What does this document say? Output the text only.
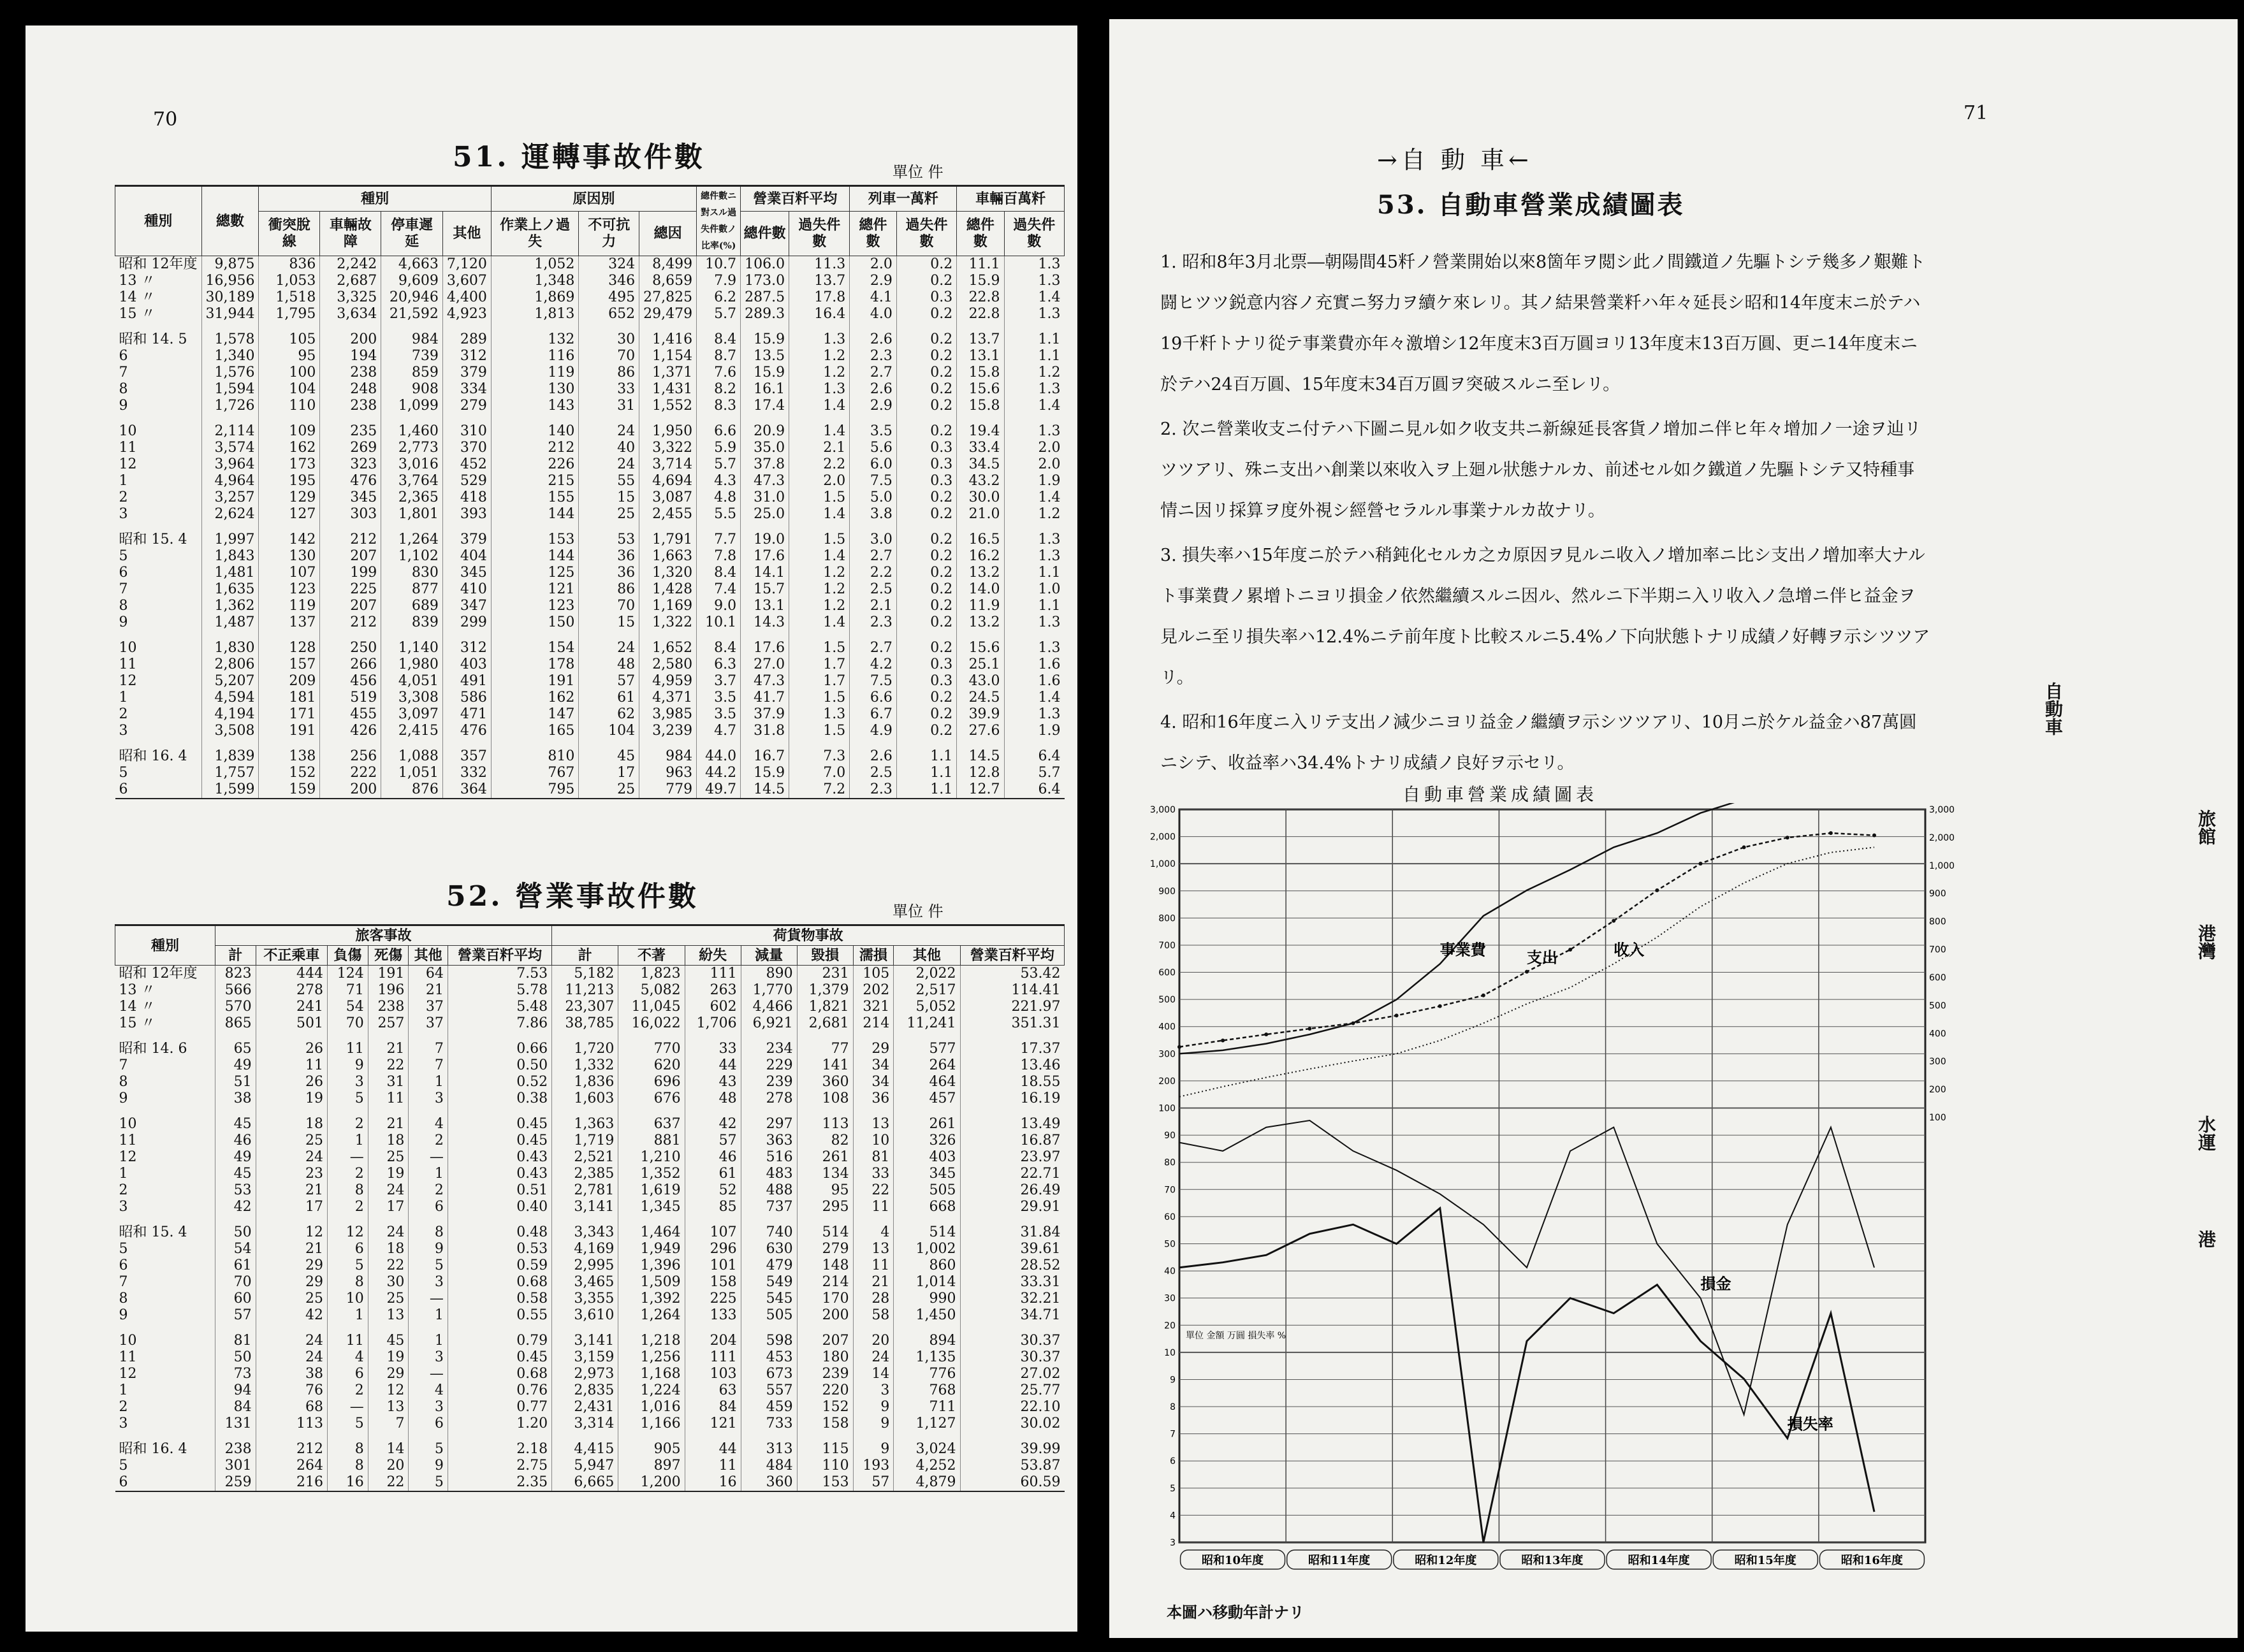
70
51. 運轉事故件數	單位 件
種別	總數	種別				原因別			總件數ニ對スル過失件數ノ比率(%)	營業百粁平均		列車一萬粁		車輛百萬粁	
		衝突脫線	車輛故障	停車遲延	其他	作業上ノ過失	不可抗力	總因		總件數	過失件數	總件數	過失件數	總件數	過失件數
昭和 12年度	9,875	836	2,242	4,663	7,120	1,052	324	8,499	10.7	106.0	11.3	2.0	0.2	11.1	1.3
13 〃	16,956	1,053	2,687	9,609	3,607	1,348	346	8,659	7.9	173.0	13.7	2.9	0.2	15.9	1.3
14 〃	30,189	1,518	3,325	20,946	4,400	1,869	495	27,825	6.2	287.5	17.8	4.1	0.3	22.8	1.4
15 〃	31,944	1,795	3,634	21,592	4,923	1,813	652	29,479	5.7	289.3	16.4	4.0	0.2	22.8	1.3

昭和 14. 5	1,578	105	200	984	289	132	30	1,416	8.4	15.9	1.3	2.6	0.2	13.7	1.1
6	1,340	95	194	739	312	116	70	1,154	8.7	13.5	1.2	2.3	0.2	13.1	1.1
7	1,576	100	238	859	379	119	86	1,371	7.6	15.9	1.2	2.7	0.2	15.8	1.2
8	1,594	104	248	908	334	130	33	1,431	8.2	16.1	1.3	2.6	0.2	15.6	1.3
9	1,726	110	238	1,099	279	143	31	1,552	8.3	17.4	1.4	2.9	0.2	15.8	1.4

10	2,114	109	235	1,460	310	140	24	1,950	6.6	20.9	1.4	3.5	0.2	19.4	1.3
11	3,574	162	269	2,773	370	212	40	3,322	5.9	35.0	2.1	5.6	0.3	33.4	2.0
12	3,964	173	323	3,016	452	226	24	3,714	5.7	37.8	2.2	6.0	0.3	34.5	2.0
1	4,964	195	476	3,764	529	215	55	4,694	4.3	47.3	2.0	7.5	0.3	43.2	1.9
2	3,257	129	345	2,365	418	155	15	3,087	4.8	31.0	1.5	5.0	0.2	30.0	1.4
3	2,624	127	303	1,801	393	144	25	2,455	5.5	25.0	1.4	3.8	0.2	21.0	1.2

昭和 15. 4	1,997	142	212	1,264	379	153	53	1,791	7.7	19.0	1.5	3.0	0.2	16.5	1.3
5	1,843	130	207	1,102	404	144	36	1,663	7.8	17.6	1.4	2.7	0.2	16.2	1.3
6	1,481	107	199	830	345	125	36	1,320	8.4	14.1	1.2	2.2	0.2	13.2	1.1
7	1,635	123	225	877	410	121	86	1,428	7.4	15.7	1.2	2.5	0.2	14.0	1.0
8	1,362	119	207	689	347	123	70	1,169	9.0	13.1	1.2	2.1	0.2	11.9	1.1
9	1,487	137	212	839	299	150	15	1,322	10.1	14.3	1.4	2.3	0.2	13.2	1.3

10	1,830	128	250	1,140	312	154	24	1,652	8.4	17.6	1.5	2.7	0.2	15.6	1.3
11	2,806	157	266	1,980	403	178	48	2,580	6.3	27.0	1.7	4.2	0.3	25.1	1.6
12	5,207	209	456	4,051	491	191	57	4,959	3.7	47.3	1.7	7.5	0.3	43.0	1.6
1	4,594	181	519	3,308	586	162	61	4,371	3.5	41.7	1.5	6.6	0.2	24.5	1.4
2	4,194	171	455	3,097	471	147	62	3,985	3.5	37.9	1.3	6.7	0.2	39.9	1.3
3	3,508	191	426	2,415	476	165	104	3,239	4.7	31.8	1.5	4.9	0.2	27.6	1.9

昭和 16. 4	1,839	138	256	1,088	357	810	45	984	44.0	16.7	7.3	2.6	1.1	14.5	6.4
5	1,757	152	222	1,051	332	767	17	963	44.2	15.9	7.0	2.5	1.1	12.8	5.7
6	1,599	159	200	876	364	795	25	779	49.7	14.5	7.2	2.3	1.1	12.7	6.4
52. 營業事故件數	單位 件
種別	旅客事故						荷貨物事故							
	計	不正乘車	負傷	死傷	其他	營業百粁平均	計	不著	紛失	減量	毀損	濡損	其他	營業百粁平均
昭和 12年度	823	444	124	191	64	7.53	5,182	1,823	111	890	231	105	2,022	53.42
13 〃	566	278	71	196	21	5.78	11,213	5,082	263	1,770	1,379	202	2,517	114.41
14 〃	570	241	54	238	37	5.48	23,307	11,045	602	4,466	1,821	321	5,052	221.97
15 〃	865	501	70	257	37	7.86	38,785	16,022	1,706	6,921	2,681	214	11,241	351.31

昭和 14. 6	65	26	11	21	7	0.66	1,720	770	33	234	77	29	577	17.37
7	49	11	9	22	7	0.50	1,332	620	44	229	141	34	264	13.46
8	51	26	3	31	1	0.52	1,836	696	43	239	360	34	464	18.55
9	38	19	5	11	3	0.38	1,603	676	48	278	108	36	457	16.19

10	45	18	2	21	4	0.45	1,363	637	42	297	113	13	261	13.49
11	46	25	1	18	2	0.45	1,719	881	57	363	82	10	326	16.87
12	49	24	—	25	—	0.43	2,521	1,210	46	516	261	81	403	23.97
1	45	23	2	19	1	0.43	2,385	1,352	61	483	134	33	345	22.71
2	53	21	8	24	2	0.51	2,781	1,619	52	488	95	22	505	26.49
3	42	17	2	17	6	0.40	3,141	1,345	85	737	295	11	668	29.91

昭和 15. 4	50	12	12	24	8	0.48	3,343	1,464	107	740	514	4	514	31.84
5	54	21	6	18	9	0.53	4,169	1,949	296	630	279	13	1,002	39.61
6	61	29	5	22	5	0.59	2,995	1,396	101	479	148	11	860	28.52
7	70	29	8	30	3	0.68	3,465	1,509	158	549	214	21	1,014	33.31
8	60	25	10	25	—	0.58	3,355	1,392	225	545	170	28	990	32.21
9	57	42	1	13	1	0.55	3,610	1,264	133	505	200	58	1,450	34.71

10	81	24	11	45	1	0.79	3,141	1,218	204	598	207	20	894	30.37
11	50	24	4	19	3	0.45	3,159	1,256	111	453	180	24	1,135	30.37
12	73	38	6	29	—	0.68	2,973	1,168	103	673	239	14	776	27.02
1	94	76	2	12	4	0.76	2,835	1,224	63	557	220	3	768	25.77
2	84	68	—	13	3	0.77	2,431	1,016	84	459	152	9	711	22.10
3	131	113	5	7	6	1.20	3,314	1,166	121	733	158	9	1,127	30.02

昭和 16. 4	238	212	8	14	5	2.18	4,415	905	44	313	115	9	3,024	39.99
5	301	264	8	20	9	2.75	5,947	897	11	484	110	193	4,252	53.87
6	259	216	16	22	5	2.35	6,665	1,200	16	360	153	57	4,879	60.59
71
→自 動 車←
53. 自動車營業成績圖表

1. 昭和8年3月北票―朝陽間45粁ノ營業開始以來8箇年ヲ閲シ此ノ間鐵道ノ先驅トシテ幾多ノ艱難ト闘ヒツツ鋭意内容ノ充實ニ努力ヲ續ケ來レリ。其ノ結果營業粁ハ年々延長シ昭和14年度末ニ於テハ19千粁トナリ從テ事業費亦年々激増シ12年度末3百万圓ヨリ13年度末13百万圓、更ニ14年度末ニ於テハ24百万圓、15年度末34百万圓ヲ突破スルニ至レリ。

2. 次ニ營業收支ニ付テハ下圖ニ見ル如ク收支共ニ新線延長客貨ノ增加ニ伴ヒ年々增加ノ一途ヲ辿リツツアリ、殊ニ支出ハ創業以來收入ヲ上廻ル狀態ナルカ、前述セル如ク鐵道ノ先驅トシテ又特種事情ニ因リ採算ヲ度外視シ經營セラルル事業ナルカ故ナリ。

3. 損失率ハ15年度ニ於テハ稍鈍化セルカ之カ原因ヲ見ルニ收入ノ增加率ニ比シ支出ノ增加率大ナルト事業費ノ累增トニヨリ損金ノ依然繼續スルニ因ル、然ルニ下半期ニ入リ收入ノ急增ニ伴ヒ益金ヲ見ルニ至リ損失率ハ12.4%ニテ前年度ト比較スルニ5.4%ノ下向狀態トナリ成績ノ好轉ヲ示シツツアリ。

4. 昭和16年度ニ入リテ支出ノ減少ニヨリ益金ノ繼續ヲ示シツツアリ、10月ニ於ケル益金ハ87萬圓ニシテ、收益率ハ34.4%トナリ成績ノ良好ヲ示セリ。

自動車
旅館
港灣
水運
港
自動車營業成績圖表
3,000
2,000
1,000
900
800
700
600
500
400
300
200
100
90
80
70
60
50
40
30
20
10
9
8
7
6
5
4
3
3,000
2,000
1,000
900
800
700
600
500
400
300
200
100
昭和10年度	昭和11年度	昭和12年度	昭和13年度	昭和14年度	昭和15年度	昭和16年度
事業費	支出	收入
損金
損失率
單位 金額 万圓 損失率 %
本圖ハ移動年計ナリ
